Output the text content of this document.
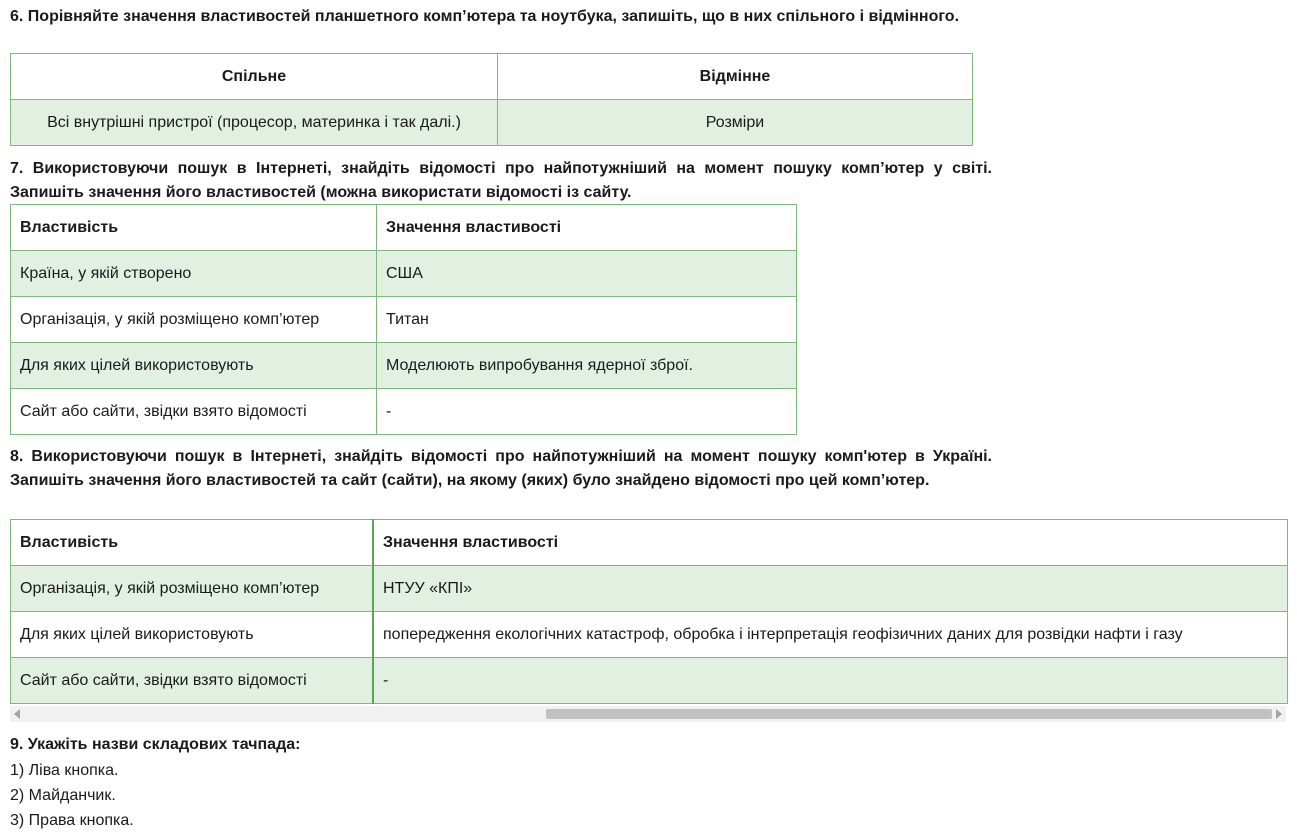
6. Порівняйте значення властивостей планшетного комп’ютера та ноутбука, запишіть, що в них спільного і відмінного.

Спільне	Відмінне
Всі внутрішні пристрої (процесор, материнка і так далі.)	Розміри

7. Використовуючи пошук в Інтернеті, знайдіть відомості про найпотужніший на момент пошуку комп’ютер у світі. Запишіть значення його властивостей (можна використати відомості із сайту.

Властивість	Значення властивості
Країна, у якій створено	США
Організація, у якій розміщено комп’ютер	Титан
Для яких цілей використовують	Моделюють випробування ядерної зброї.
Сайт або сайти, звідки взято відомості	-

8. Використовуючи пошук в Інтернеті, знайдіть відомості про найпотужніший на момент пошуку комп'ютер в Україні. Запишіть значення його властивостей та сайт (сайти), на якому (яких) було знайдено відомості про цей комп’ютер.

Властивість	Значення властивості
Організація, у якій розміщено комп’ютер	НТУУ «КПІ»
Для яких цілей використовують	попередження екологічних катастроф, обробка і інтерпретація геофізичних даних для розвідки нафти і газу
Сайт або сайти, звідки взято відомості	-

9. Укажіть назви складових тачпада:

1) Ліва кнопка.
2) Майданчик.
3) Права кнопка.
